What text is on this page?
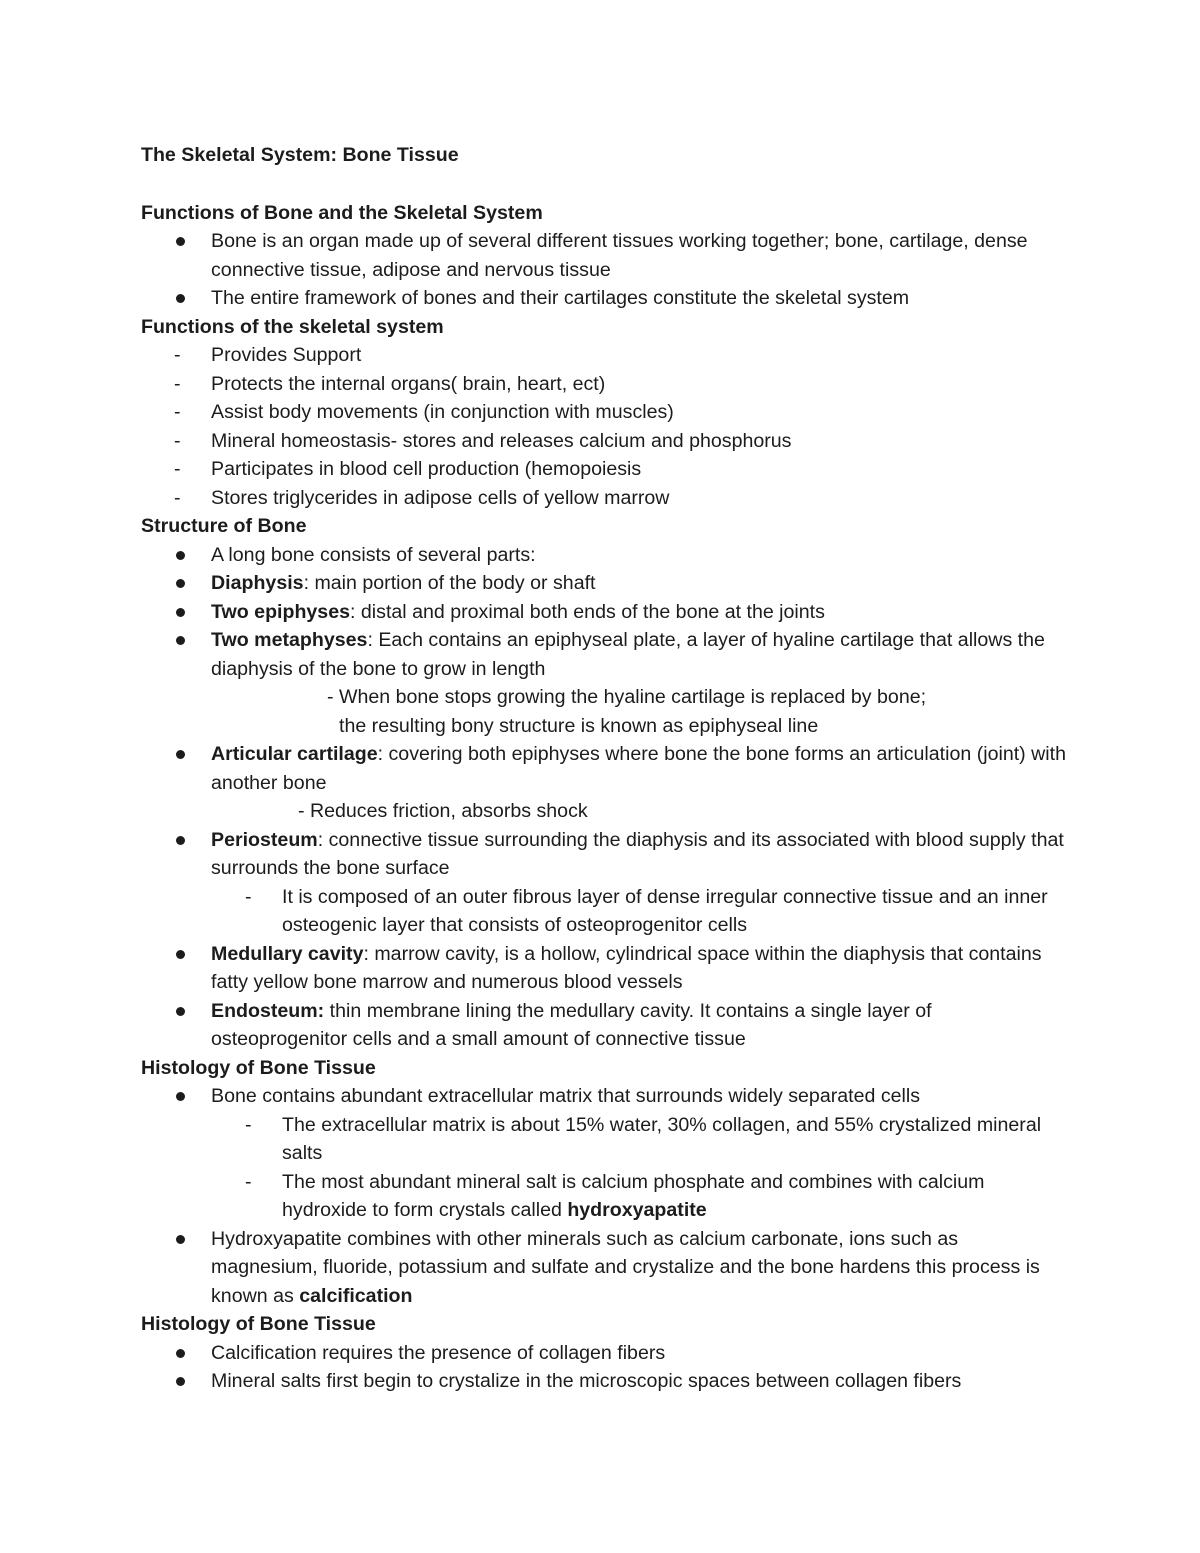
The Skeletal System: Bone Tissue

Functions of Bone and the Skeletal System

Bone is an organ made up of several different tissues working together; bone, cartilage, dense connective tissue, adipose and nervous tissue

The entire framework of bones and their cartilages constitute the skeletal system

Functions of the skeletal system

- Provides Support

- Protects the internal organs( brain, heart, ect)

- Assist body movements (in conjunction with muscles)

- Mineral homeostasis- stores and releases calcium and phosphorus

- Participates in blood cell production (hemopoiesis

- Stores triglycerides in adipose cells of yellow marrow

Structure of Bone

A long bone consists of several parts:

Diaphysis: main portion of the body or shaft

Two epiphyses: distal and proximal both ends of the bone at the joints

Two metaphyses: Each contains an epiphyseal plate, a layer of hyaline cartilage that allows the diaphysis of the bone to grow in length

- When bone stops growing the hyaline cartilage is replaced by bone;

the resulting bony structure is known as epiphyseal line

Articular cartilage: covering both epiphyses where bone the bone forms an articulation (joint) with another bone

- Reduces friction, absorbs shock

Periosteum: connective tissue surrounding the diaphysis and its associated with blood supply that surrounds the bone surface

- It is composed of an outer fibrous layer of dense irregular connective tissue and an inner osteogenic layer that consists of osteoprogenitor cells

Medullary cavity: marrow cavity, is a hollow, cylindrical space within the diaphysis that contains fatty yellow bone marrow and numerous blood vessels

Endosteum: thin membrane lining the medullary cavity. It contains a single layer of osteoprogenitor cells and a small amount of connective tissue

Histology of Bone Tissue

Bone contains abundant extracellular matrix that surrounds widely separated cells

- The extracellular matrix is about 15% water, 30% collagen, and 55% crystalized mineral salts

- The most abundant mineral salt is calcium phosphate and combines with calcium hydroxide to form crystals called hydroxyapatite

Hydroxyapatite combines with other minerals such as calcium carbonate, ions such as magnesium, fluoride, potassium and sulfate and crystalize and the bone hardens this process is known as calcification

Histology of Bone Tissue

Calcification requires the presence of collagen fibers

Mineral salts first begin to crystalize in the microscopic spaces between collagen fibers
